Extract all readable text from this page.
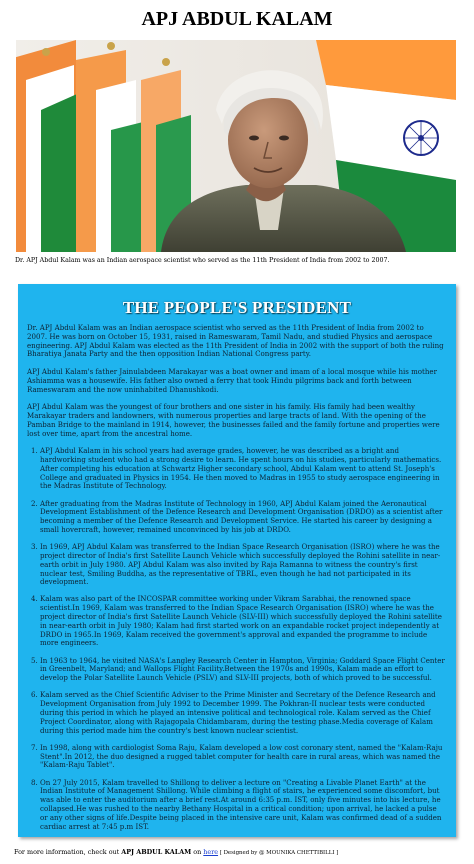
APJ ABDUL KALAM

Dr. APJ Abdul Kalam was an Indian aerospace scientist who served as the 11th President of India from 2002 to 2007.

THE PEOPLE'S PRESIDENT

Dr. APJ Abdul Kalam was an Indian aerospace scientist who served as the 11th President of India from 2002 to 2007. He was born on October 15, 1931, raised in Rameswaram, Tamil Nadu, and studied Physics and aerospace engineering. APJ Abdul Kalam was elected as the 11th President of India in 2002 with the support of both the ruling Bharatiya Janata Party and the then opposition Indian National Congress party.

APJ Abdul Kalam's father Jainulabdeen Marakayar was a boat owner and imam of a local mosque while his mother Ashiamma was a housewife. His father also owned a ferry that took Hindu pilgrims back and forth between Rameswaram and the now uninhabited Dhanushkodi.

APJ Abdul Kalam was the youngest of four brothers and one sister in his family. His family had been wealthy Marakayar traders and landowners, with numerous properties and large tracts of land. With the opening of the Pamban Bridge to the mainland in 1914, however, the businesses failed and the family fortune and properties were lost over time, apart from the ancestral home.

1. APJ Abdul Kalam in his school years had average grades, however, he was described as a bright and hardworking student who had a strong desire to learn. He spent hours on his studies, particularly mathematics. After completing his education at Schwartz Higher secondary school, Abdul Kalam went to attend St. Joseph's College and graduated in Physics in 1954. He then moved to Madras in 1955 to study aerospace engineering in the Madras Institute of Technology.
2. After graduating from the Madras Institute of Technology in 1960, APJ Abdul Kalam joined the Aeronautical Development Establishment of the Defence Research and Development Organisation (DRDO) as a scientist after becoming a member of the Defence Research and Development Service. He started his career by designing a small hovercraft, however, remained unconvinced by his job at DRDO.
3. In 1969, APJ Abdul Kalam was transferred to the Indian Space Research Organisation (ISRO) where he was the project director of India's first Satellite Launch Vehicle which successfully deployed the Rohini satellite in near-earth orbit in July 1980. APJ Abdul Kalam was also invited by Raja Ramanna to witness the country's first nuclear test, Smiling Buddha, as the representative of TBRL, even though he had not participated in its development.
4. Kalam was also part of the INCOSPAR committee working under Vikram Sarabhai, the renowned space scientist.In 1969, Kalam was transferred to the Indian Space Research Organisation (ISRO) where he was the project director of India's first Satellite Launch Vehicle (SLV-III) which successfully deployed the Rohini satellite in near-earth orbit in July 1980; Kalam had first started work on an expandable rocket project independently at DRDO in 1965.In 1969, Kalam received the government's approval and expanded the programme to include more engineers.
5. In 1963 to 1964, he visited NASA's Langley Research Center in Hampton, Virginia; Goddard Space Flight Center in Greenbelt, Maryland; and Wallops Flight Facility.Between the 1970s and 1990s, Kalam made an effort to develop the Polar Satellite Launch Vehicle (PSLV) and SLV-III projects, both of which proved to be successful.
6. Kalam served as the Chief Scientific Adviser to the Prime Minister and Secretary of the Defence Research and Development Organisation from July 1992 to December 1999. The Pokhran-II nuclear tests were conducted during this period in which he played an intensive political and technological role. Kalam served as the Chief Project Coordinator, along with Rajagopala Chidambaram, during the testing phase.Media coverage of Kalam during this period made him the country's best known nuclear scientist.
7. In 1998, along with cardiologist Soma Raju, Kalam developed a low cost coronary stent, named the "Kalam-Raju Stent".In 2012, the duo designed a rugged tablet computer for health care in rural areas, which was named the "Kalam-Raju Tablet".
8. On 27 July 2015, Kalam travelled to Shillong to deliver a lecture on "Creating a Livable Planet Earth" at the Indian Institute of Management Shillong. While climbing a flight of stairs, he experienced some discomfort, but was able to enter the auditorium after a brief rest.At around 6:35 p.m. IST, only five minutes into his lecture, he collapsed.He was rushed to the nearby Bethany Hospital in a critical condition; upon arrival, he lacked a pulse or any other signs of life.Despite being placed in the intensive care unit, Kalam was confirmed dead of a sudden cardiac arrest at 7:45 p.m IST.

For more information, check out APJ ABDUL KALAM on here [ Designed by @ MOUNIKA CHETTIBILLI ]
